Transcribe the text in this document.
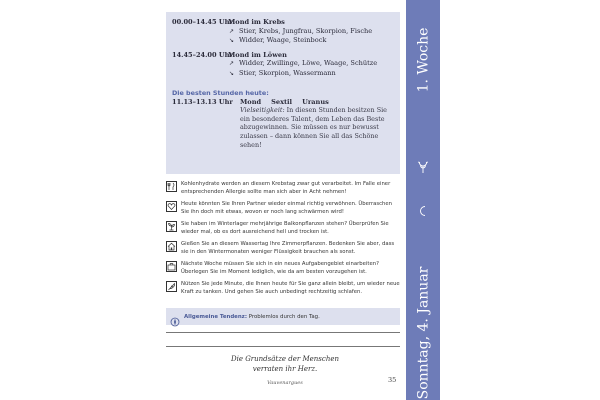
00.00–14.45 Uhr
Mond im Krebs
↗ Stier, Krebs, Jungfrau, Skorpion, Fische
↘ Widder, Waage, Steinbock
14.45–24.00 Uhr
Mond im Löwen
↗ Widder, Zwillinge, Löwe, Waage, Schütze
↘ Stier, Skorpion, Wassermann
Die besten Stunden heute:
11.13–13.13 Uhr	Mond Sextil Uranus
Vielseitigkeit: In diesen Stunden besitzen Sie ein besonderes Talent, dem Leben das Beste abzugewinnen. Sie müssen es nur bewusst zulassen – dann können Sie all das Schöne sehen!
Kohlenhydrate werden an diesem Krebstag zwar gut verarbeitet. Im Falle einer entsprechenden Allergie sollte man sich aber in Acht nehmen!
Heute könnten Sie Ihren Partner wieder einmal richtig verwöhnen. Überraschen Sie ihn doch mit etwas, wovon er noch lang schwärmen wird!
Sie haben im Winterlager mehrjährige Balkonpflanzen stehen? Überprüfen Sie wieder mal, ob es dort ausreichend hell und trocken ist.
Gießen Sie an diesem Wassertag Ihre Zimmerpflanzen. Bedenken Sie aber, dass sie in den Wintermonaten weniger Flüssigkeit brauchen als sonst.
Nächste Woche müssen Sie sich in ein neues Aufgabengebiet einarbeiten? Überlegen Sie im Moment lediglich, wie da am besten vorzugehen ist.
Nützen Sie jede Minute, die Ihnen heute für Sie ganz allein bleibt, um wieder neue Kraft zu tanken. Und gehen Sie auch unbedingt rechtzeitig schlafen.
Allgemeine Tendenz: Problemlos durch den Tag.
Die Grundsätze der Menschen
verraten ihr Herz.
Vauvenargues	35
1. Woche
Sonntag, 4. Januar
